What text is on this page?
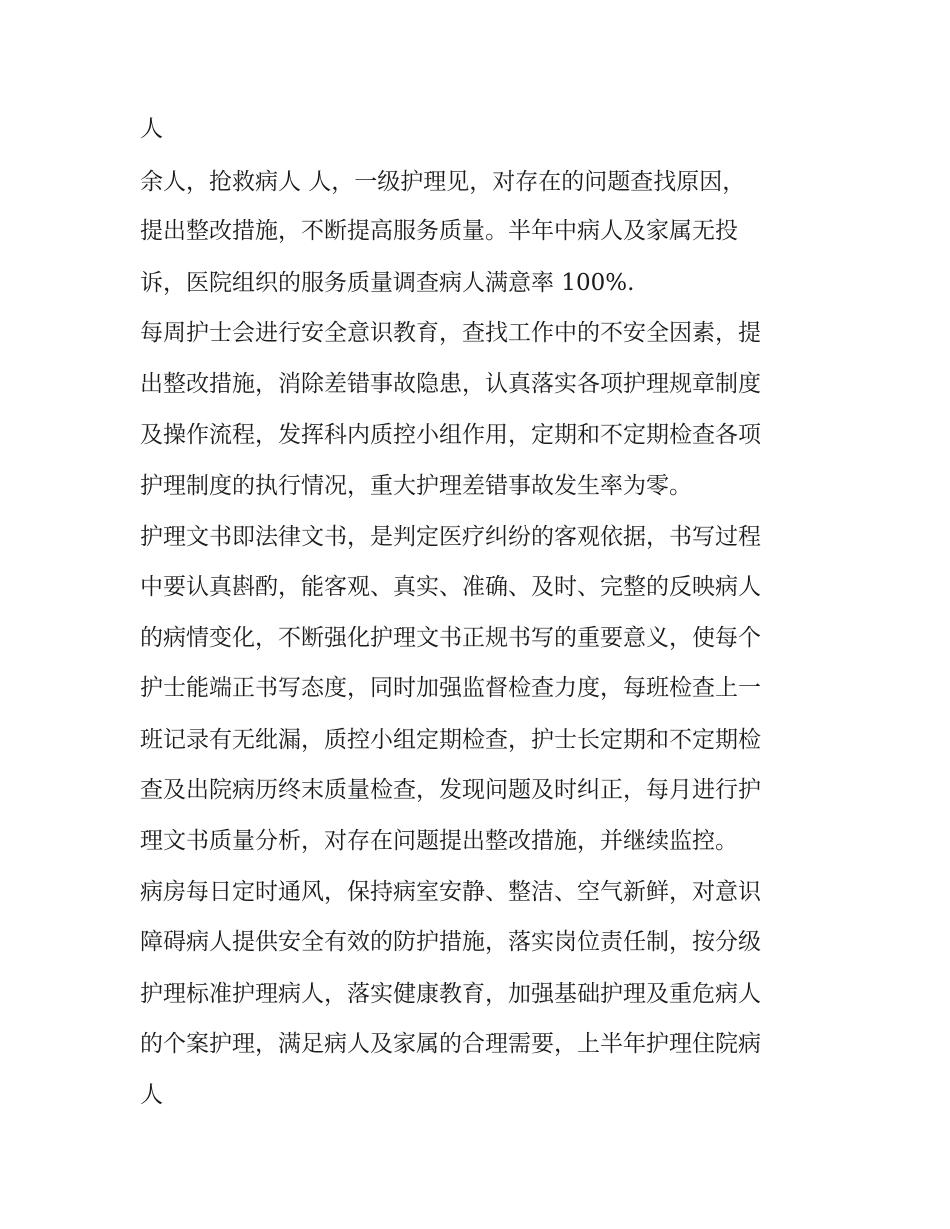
人
余人，抢救病人 人，一级护理见，对存在的问题查找原因，
提出整改措施，不断提高服务质量。半年中病人及家属无投
诉，医院组织的服务质量调查病人满意率 100%.
每周护士会进行安全意识教育，查找工作中的不安全因素，提
出整改措施，消除差错事故隐患，认真落实各项护理规章制度
及操作流程，发挥科内质控小组作用，定期和不定期检查各项
护理制度的执行情况，重大护理差错事故发生率为零。
护理文书即法律文书，是判定医疗纠纷的客观依据，书写过程
中要认真斟酌，能客观、真实、准确、及时、完整的反映病人
的病情变化，不断强化护理文书正规书写的重要意义，使每个
护士能端正书写态度，同时加强监督检查力度，每班检查上一
班记录有无纰漏，质控小组定期检查，护士长定期和不定期检
查及出院病历终末质量检查，发现问题及时纠正，每月进行护
理文书质量分析，对存在问题提出整改措施，并继续监控。
病房每日定时通风，保持病室安静、整洁、空气新鲜，对意识
障碍病人提供安全有效的防护措施，落实岗位责任制，按分级
护理标准护理病人，落实健康教育，加强基础护理及重危病人
的个案护理，满足病人及家属的合理需要，上半年护理住院病
人
